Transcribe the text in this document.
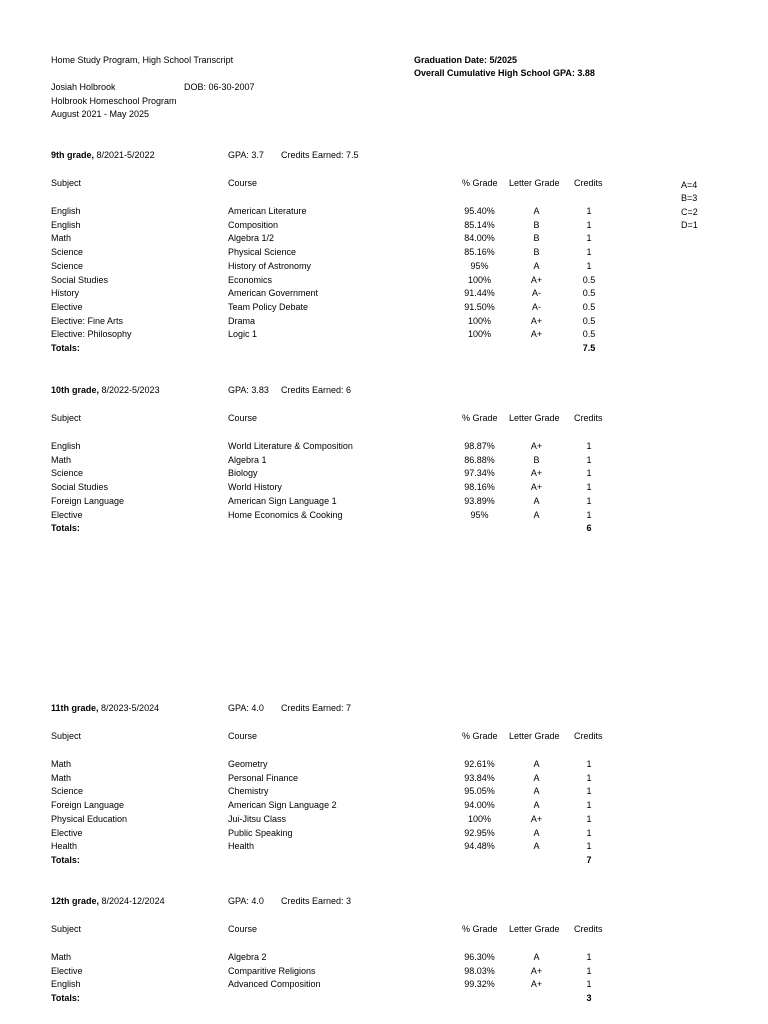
Home Study Program, High School Transcript	Graduation Date: 5/2025
Overall Cumulative High School GPA: 3.88
Josiah Holbrook	DOB: 06-30-2007
Holbrook Homeschool Program
August 2021 - May 2025
A=4
B=3
C=2
D=1
9th grade, 8/2021-5/2022	GPA: 3.7 Credits Earned: 7.5
Subject	Course	% Grade Letter Grade Credits
English	American Literature	95.40%	A	1
English	Composition	85.14%	B	1
Math	Algebra 1/2	84.00%	B	1
Science	Physical Science	85.16%	B	1
Science	History of Astronomy	95%	A	1
Social Studies	Economics	100%	A+	0.5
History	American Government	91.44%	A-	0.5
Elective	Team Policy Debate	91.50%	A-	0.5
Elective: Fine Arts	Drama	100%	A+	0.5
Elective: Philosophy	Logic 1	100%	A+	0.5
Totals:	7.5
10th grade, 8/2022-5/2023	GPA: 3.83 Credits Earned: 6
Subject	Course	% Grade Letter Grade Credits
English	World Literature & Composition	98.87%	A+	1
Math	Algebra 1	86.88%	B	1
Science	Biology	97.34%	A+	1
Social Studies	World History	98.16%	A+	1
Foreign Language	American Sign Language 1	93.89%	A	1
Elective	Home Economics & Cooking	95%	A	1
Totals:	6
11th grade, 8/2023-5/2024	GPA: 4.0 Credits Earned: 7
Subject	Course	% Grade Letter Grade Credits
Math	Geometry	92.61%	A	1
Math	Personal Finance	93.84%	A	1
Science	Chemistry	95.05%	A	1
Foreign Language	American Sign Language 2	94.00%	A	1
Physical Education	Jui-Jitsu Class	100%	A+	1
Elective	Public Speaking	92.95%	A	1
Health	Health	94.48%	A	1
Totals:	7
12th grade, 8/2024-12/2024	GPA: 4.0 Credits Earned: 3
Subject	Course	% Grade Letter Grade Credits
Math	Algebra 2	96.30%	A	1
Elective	Comparitive Religions	98.03%	A+	1
English	Advanced Composition	99.32%	A+	1
Totals:	3
